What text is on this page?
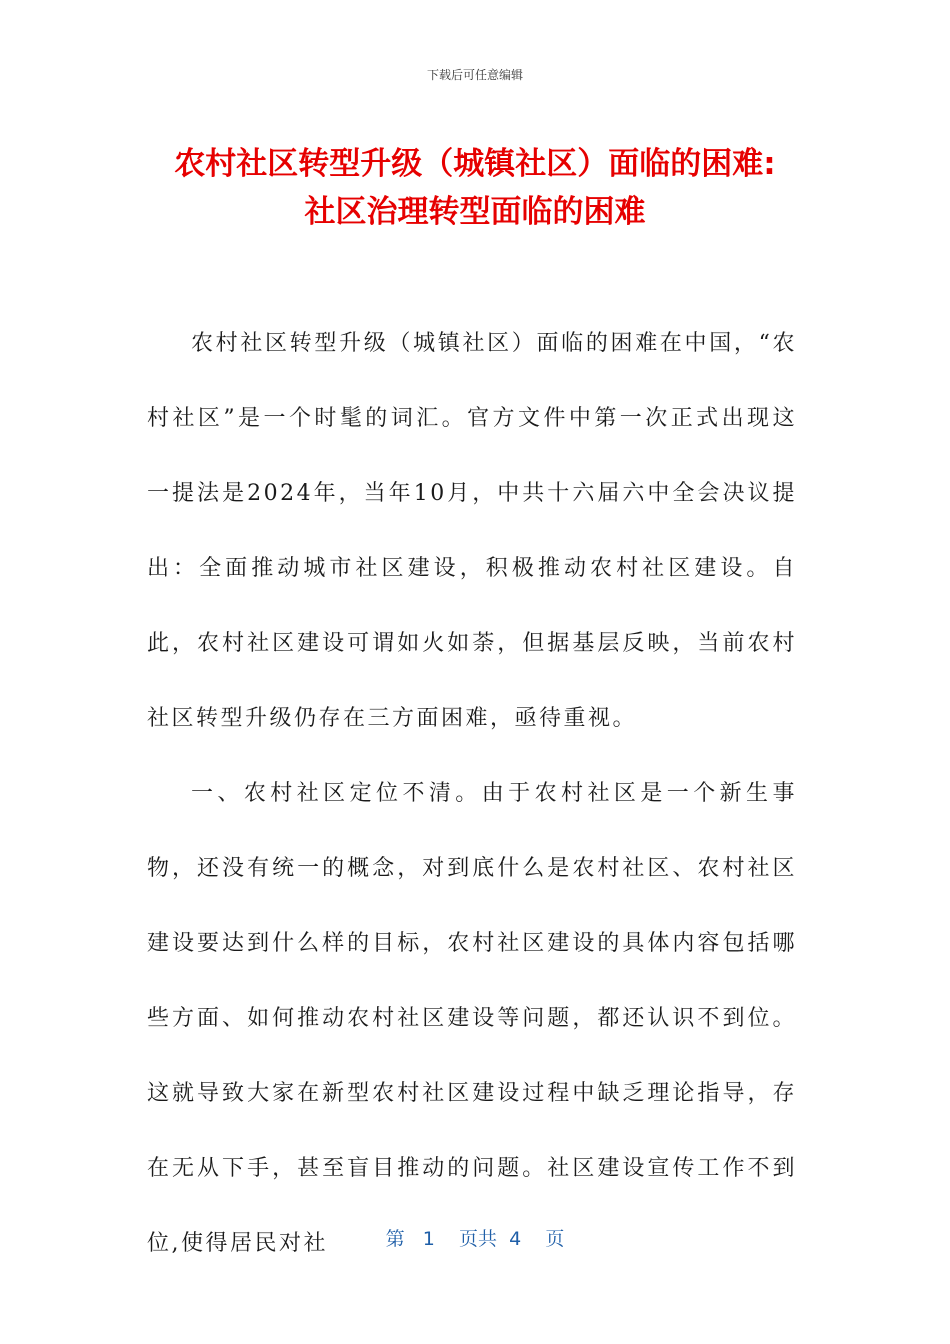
下载后可任意编辑
农村社区转型升级（城镇社区）面临的困难:
社区治理转型面临的困难

农村社区转型升级（城镇社区）面临的困难在中国，“农村社区”是一个时髦的词汇。官方文件中第一次正式出现这一提法是2024年，当年10月，中共十六届六中全会决议提出：全面推动城市社区建设，积极推动农村社区建设。自此，农村社区建设可谓如火如荼，但据基层反映，当前农村社区转型升级仍存在三方面困难，亟待重视。

一、农村社区定位不清。由于农村社区是一个新生事物，还没有统一的概念，对到底什么是农村社区、农村社区建设要达到什么样的目标，农村社区建设的具体内容包括哪些方面、如何推动农村社区建设等问题，都还认识不到位。这就导致大家在新型农村社区建设过程中缺乏理论指导，存在无从下手，甚至盲目推动的问题。社区建设宣传工作不到位,使得居民对社	第 1 页共 4 页
